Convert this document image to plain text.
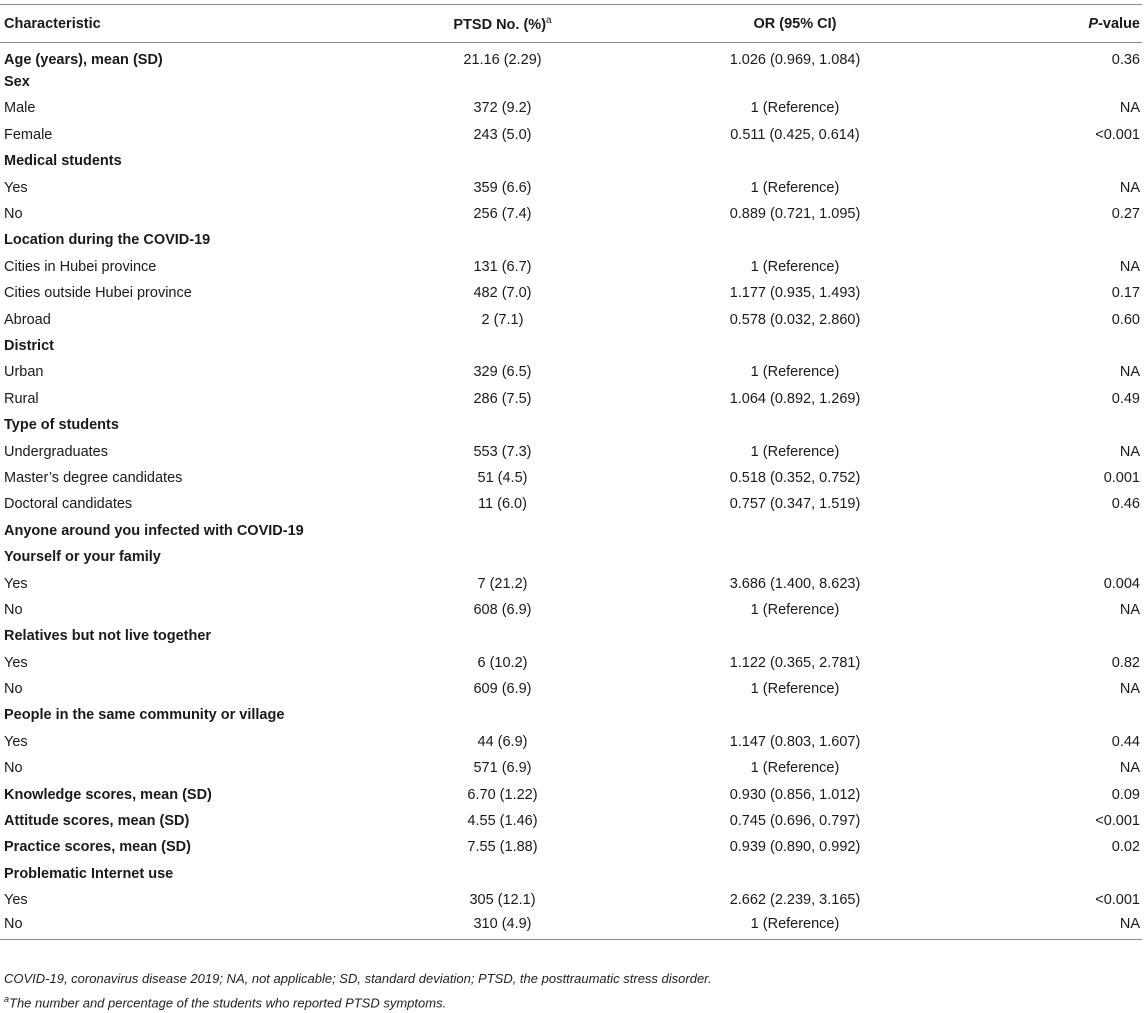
Characteristic	PTSD No. (%)$^a$	OR (95% CI)	P-value
Age (years), mean (SD)	21.16 (2.29)	1.026 (0.969, 1.084)	0.36
Sex			
Male	372 (9.2)	1 (Reference)	NA
Female	243 (5.0)	0.511 (0.425, 0.614)	<0.001
Medical students			
Yes	359 (6.6)	1 (Reference)	NA
No	256 (7.4)	0.889 (0.721, 1.095)	0.27
Location during the COVID-19			
Cities in Hubei province	131 (6.7)	1 (Reference)	NA
Cities outside Hubei province	482 (7.0)	1.177 (0.935, 1.493)	0.17
Abroad	2 (7.1)	0.578 (0.032, 2.860)	0.60
District			
Urban	329 (6.5)	1 (Reference)	NA
Rural	286 (7.5)	1.064 (0.892, 1.269)	0.49
Type of students			
Undergraduates	553 (7.3)	1 (Reference)	NA
Master’s degree candidates	51 (4.5)	0.518 (0.352, 0.752)	0.001
Doctoral candidates	11 (6.0)	0.757 (0.347, 1.519)	0.46
Anyone around you infected with COVID-19			
Yourself or your family			
Yes	7 (21.2)	3.686 (1.400, 8.623)	0.004
No	608 (6.9)	1 (Reference)	NA
Relatives but not live together			
Yes	6 (10.2)	1.122 (0.365, 2.781)	0.82
No	609 (6.9)	1 (Reference)	NA
People in the same community or village			
Yes	44 (6.9)	1.147 (0.803, 1.607)	0.44
No	571 (6.9)	1 (Reference)	NA
Knowledge scores, mean (SD)	6.70 (1.22)	0.930 (0.856, 1.012)	0.09
Attitude scores, mean (SD)	4.55 (1.46)	0.745 (0.696, 0.797)	<0.001
Practice scores, mean (SD)	7.55 (1.88)	0.939 (0.890, 0.992)	0.02
Problematic Internet use			
Yes	305 (12.1)	2.662 (2.239, 3.165)	<0.001
No	310 (4.9)	1 (Reference)	NA
COVID-19, coronavirus disease 2019; NA, not applicable; SD, standard deviation; PTSD, the posttraumatic stress disorder.
$^a$The number and percentage of the students who reported PTSD symptoms.
